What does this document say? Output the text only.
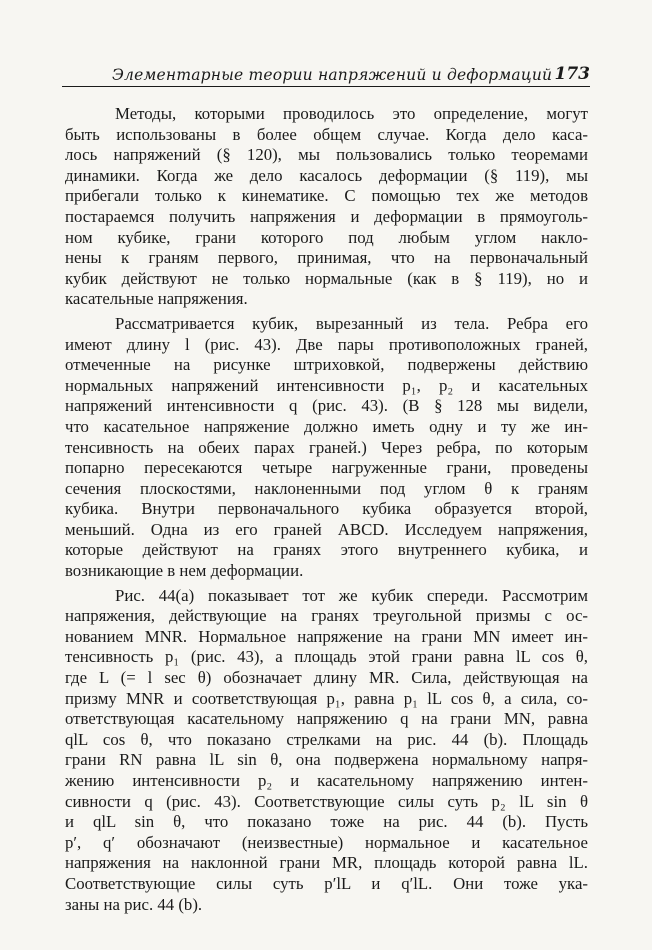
Элементарные теории напряжений и деформаций 173

Методы, которыми проводилось это определение, могут
быть использованы в более общем случае. Когда дело каса-
лось напряжений (§ 120), мы пользовались только теоремами
динамики. Когда же дело касалось деформации (§ 119), мы
прибегали только к кинематике. С помощью тех же методов
постараемся получить напряжения и деформации в прямоуголь-
ном кубике, грани которого под любым углом накло-
нены к граням первого, принимая, что на первоначальный
кубик действуют не только нормальные (как в § 119), но и
касательные напряжения.

Рассматривается кубик, вырезанный из тела. Ребра его
имеют длину l (рис. 43). Две пары противоположных граней,
отмеченные на рисунке штриховкой, подвержены действию
нормальных напряжений интенсивности p₁, p₂ и касательных
напряжений интенсивности q (рис. 43). (В § 128 мы видели,
что касательное напряжение должно иметь одну и ту же ин-
тенсивность на обеих парах граней.) Через ребра, по которым
попарно пересекаются четыре нагруженные грани, проведены
сечения плоскостями, наклоненными под углом θ к граням
кубика. Внутри первоначального кубика образуется второй,
меньший. Одна из его граней ABCD. Исследуем напряжения,
которые действуют на гранях этого внутреннего кубика, и
возникающие в нем деформации.

Рис. 44(a) показывает тот же кубик спереди. Рассмотрим
напряжения, действующие на гранях треугольной призмы с ос-
нованием MNR. Нормальное напряжение на грани MN имеет ин-
тенсивность p₁ (рис. 43), а площадь этой грани равна lL cos θ,
где L (= l sec θ) обозначает длину MR. Сила, действующая на
призму MNR и соответствующая p₁, равна p₁ lL cos θ, а сила, со-
ответствующая касательному напряжению q на грани MN, равна
qlL cos θ, что показано стрелками на рис. 44 (b). Площадь
грани RN равна lL sin θ, она подвержена нормальному напря-
жению интенсивности p₂ и касательному напряжению интен-
сивности q (рис. 43). Соответствующие силы суть p₂ lL sin θ
и qlL sin θ, что показано тоже на рис. 44 (b). Пусть
p′, q′ обозначают (неизвестные) нормальное и касательное
напряжения на наклонной грани MR, площадь которой равна lL.
Соответствующие силы суть p′lL и q′lL. Они тоже ука-
заны на рис. 44 (b).
